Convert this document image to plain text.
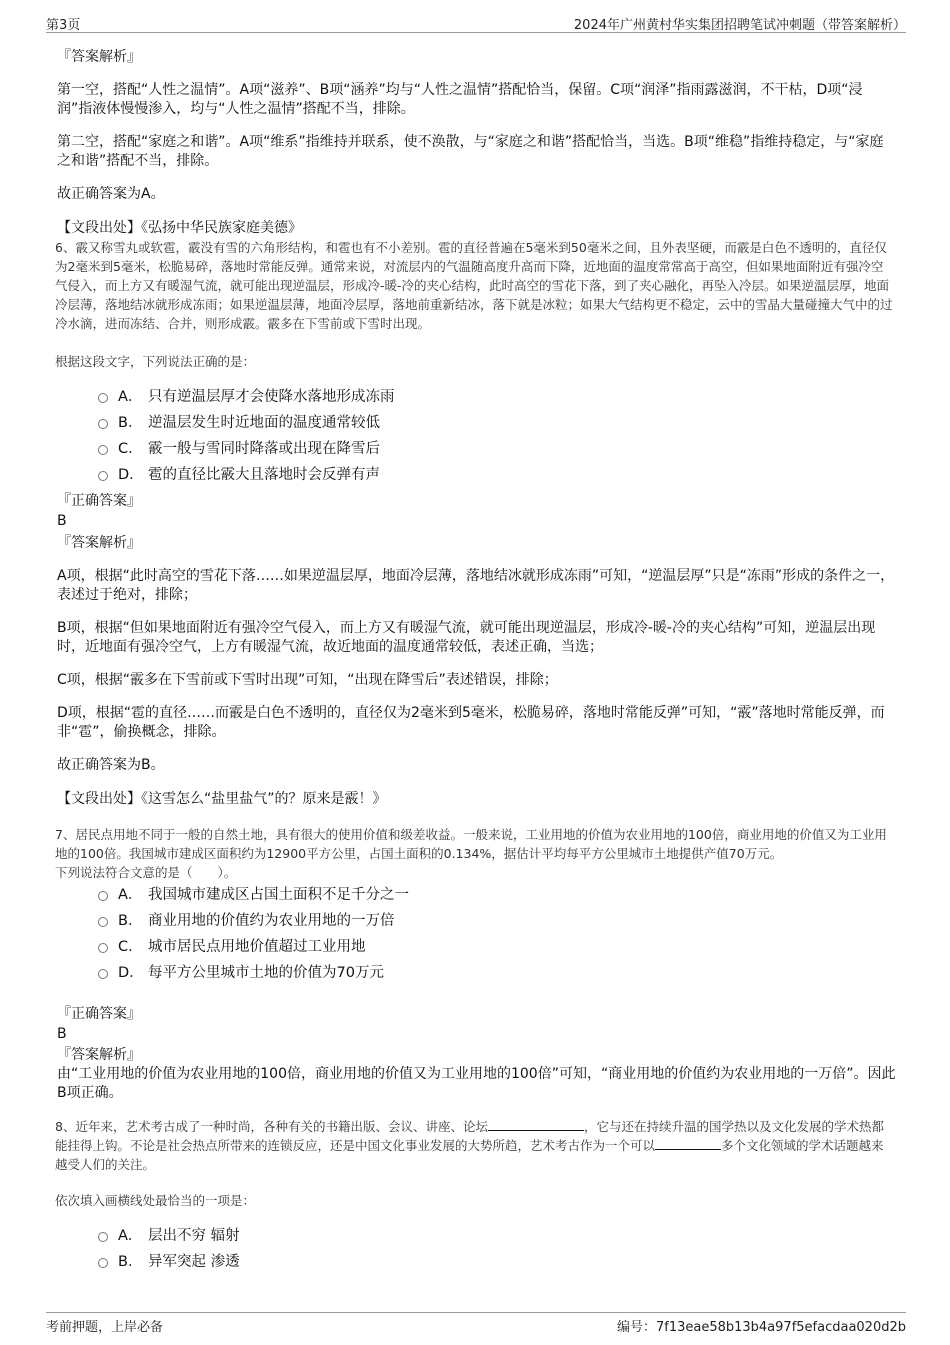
第3页	2024年广州黄村华实集团招聘笔试冲刺题（带答案解析）

『答案解析』

第一空，搭配“人性之温情”。A项“滋养”、B项“涵养”均与“人性之温情”搭配恰当，保留。C项“润泽”指雨露滋润，不干枯，D项“浸润”指液体慢慢渗入，均与“人性之温情”搭配不当，排除。

第二空，搭配“家庭之和谐”。A项“维系”指维持并联系，使不涣散，与“家庭之和谐”搭配恰当，当选。B项“维稳”指维持稳定，与“家庭之和谐”搭配不当，排除。

故正确答案为A。

【文段出处】《弘扬中华民族家庭美德》

6、霰又称雪丸或软雹，霰没有雪的六角形结构，和雹也有不小差别。雹的直径普遍在5毫米到50毫米之间，且外表坚硬，而霰是白色不透明的，直径仅为2毫米到5毫米，松脆易碎，落地时常能反弹。通常来说，对流层内的气温随高度升高而下降，近地面的温度常常高于高空，但如果地面附近有强冷空气侵入，而上方又有暖湿气流，就可能出现逆温层，形成冷-暖-冷的夹心结构，此时高空的雪花下落，到了夹心融化，再坠入冷层。如果逆温层厚，地面冷层薄，落地结冰就形成冻雨；如果逆温层薄，地面冷层厚，落地前重新结冰，落下就是冰粒；如果大气结构更不稳定，云中的雪晶大量碰撞大气中的过冷水滴，进而冻结、合并，则形成霰。霰多在下雪前或下雪时出现。

根据这段文字，下列说法正确的是：

A． 只有逆温层厚才会使降水落地形成冻雨
B． 逆温层发生时近地面的温度通常较低
C． 霰一般与雪同时降落或出现在降雪后
D． 雹的直径比霰大且落地时会反弹有声

『正确答案』

B

『答案解析』

A项，根据“此时高空的雪花下落……如果逆温层厚，地面冷层薄，落地结冰就形成冻雨”可知，“逆温层厚”只是“冻雨”形成的条件之一，表述过于绝对，排除；

B项，根据“但如果地面附近有强冷空气侵入，而上方又有暖湿气流，就可能出现逆温层，形成冷-暖-冷的夹心结构”可知，逆温层出现时，近地面有强冷空气，上方有暖湿气流，故近地面的温度通常较低，表述正确，当选；

C项，根据“霰多在下雪前或下雪时出现”可知，“出现在降雪后”表述错误，排除；

D项，根据“雹的直径……而霰是白色不透明的，直径仅为2毫米到5毫米，松脆易碎，落地时常能反弹”可知，“霰”落地时常能反弹，而非“雹”，偷换概念，排除。

故正确答案为B。

【文段出处】《这雪怎么“盐里盐气”的？原来是霰！》

7、居民点用地不同于一般的自然土地，具有很大的使用价值和级差收益。一般来说，工业用地的价值为农业用地的100倍，商业用地的价值又为工业用地的100倍。我国城市建成区面积约为12900平方公里，占国土面积的0.134%，据估计平均每平方公里城市土地提供产值70万元。

下列说法符合文意的是（　　）。

A． 我国城市建成区占国土面积不足千分之一
B． 商业用地的价值约为农业用地的一万倍
C． 城市居民点用地价值超过工业用地
D． 每平方公里城市土地的价值为70万元

『正确答案』

B

『答案解析』

由“工业用地的价值为农业用地的100倍，商业用地的价值又为工业用地的100倍”可知，“商业用地的价值约为农业用地的一万倍”。因此B项正确。

8、近年来，艺术考古成了一种时尚，各种有关的书籍出版、会议、讲座、论坛	，它与还在持续升温的国学热以及文化发展的学术热都能挂得上钩。不论是社会热点所带来的连锁反应，还是中国文化事业发展的大势所趋，艺术考古作为一个可以	多个文化领域的学术话题越来越受人们的关注。

依次填入画横线处最恰当的一项是：

A． 层出不穷 辐射
B． 异军突起 渗透
考前押题，上岸必备	编号：7f13eae58b13b4a97f5efacdaa020d2b
